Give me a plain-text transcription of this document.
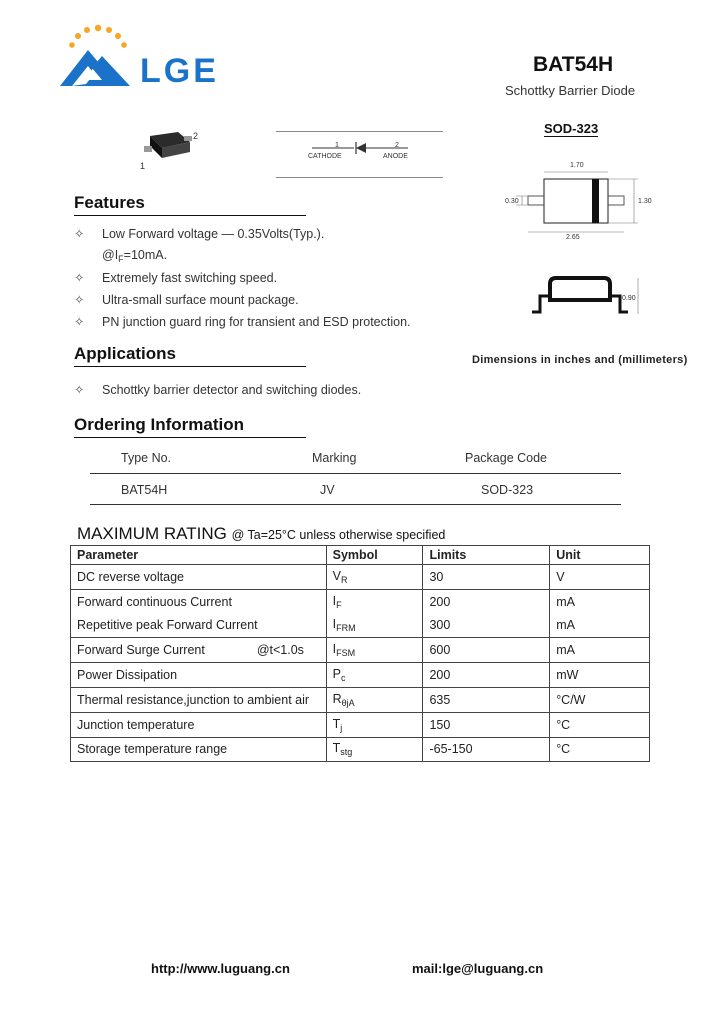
LGE	BAT54H
Schottky Barrier Diode
2
1
1	2
CATHODE	ANODE
SOD-323
1.70
0.30	1.30
2.65
0.90
Dimensions in inches and (millimeters)
Features
✧ Low Forward voltage — 0.35Volts(Typ.).
$@I_F=10mA$.
✧ Extremely fast switching speed.
✧ Ultra-small surface mount package.
✧ PN junction guard ring for transient and ESD protection.
Applications
✧ Schottky barrier detector and switching diodes.
Ordering Information
Type No.	Marking	Package Code
BAT54H	JV	SOD-323
MAXIMUM RATING @ Ta=25°C unless otherwise specified
Parameter	Symbol	Limits	Unit
DC reverse voltage	$V_R$	30	V
Forward continuous Current	$I_F$	200	mA
Repetitive peak Forward Current	$I_{FRM}$	300	mA
Forward Surge Current @t<1.0s	$I_{FSM}$	600	mA
Power Dissipation	$P_c$	200	mW
Thermal resistance,junction to ambient air	$R_{\theta jA}$	635	°C/W
Junction temperature	$T_j$	150	°C
Storage temperature range	$T_{stg}$	-65-150	°C
http://www.luguang.cn	mail:lge@luguang.cn
